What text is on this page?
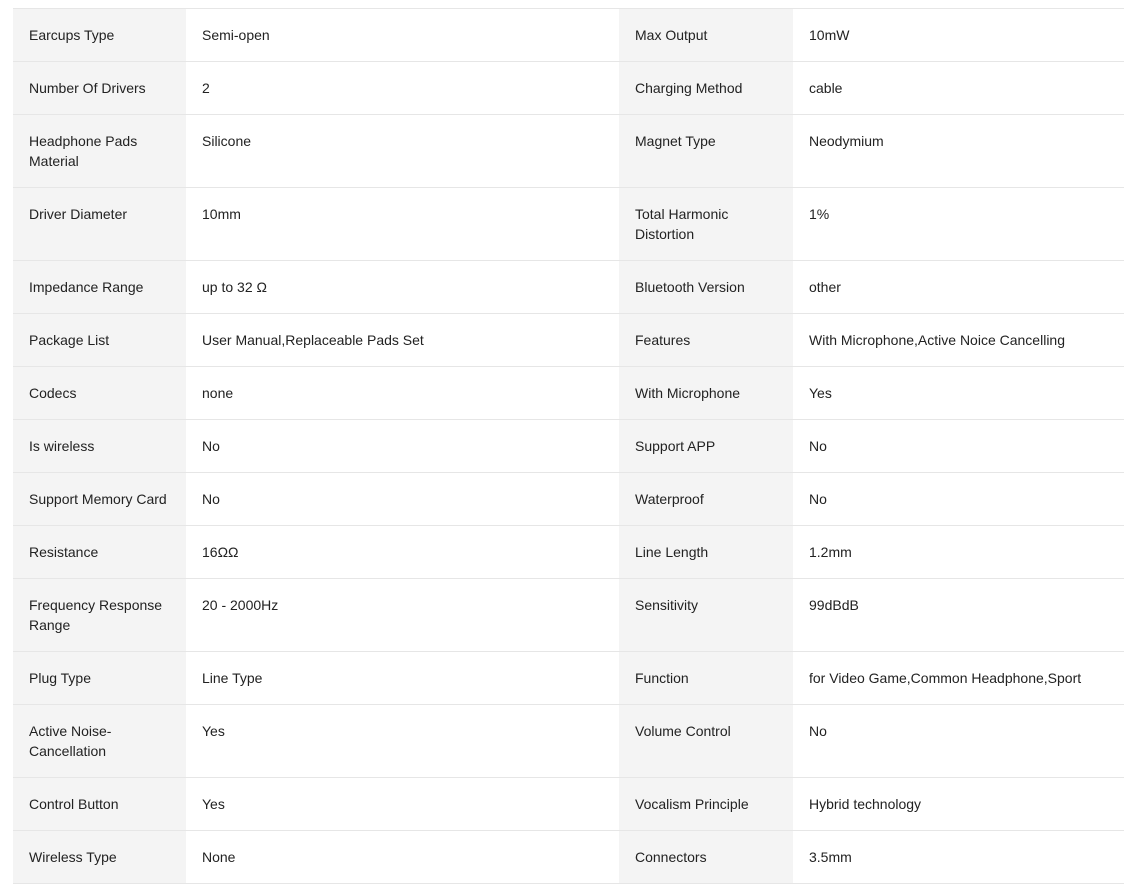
Earcups Type	Semi-open	Max Output	10mW
Number Of Drivers	2	Charging Method	cable
Headphone Pads Material	Silicone	Magnet Type	Neodymium
Driver Diameter	10mm	Total Harmonic Distortion	1%
Impedance Range	up to 32 Ω	Bluetooth Version	other
Package List	User Manual,Replaceable Pads Set	Features	With Microphone,Active Noice Cancelling
Codecs	none	With Microphone	Yes
Is wireless	No	Support APP	No
Support Memory Card	No	Waterproof	No
Resistance	16ΩΩ	Line Length	1.2mm
Frequency Response Range	20 - 2000Hz	Sensitivity	99dBdB
Plug Type	Line Type	Function	for Video Game,Common Headphone,Sport
Active Noise-Cancellation	Yes	Volume Control	No
Control Button	Yes	Vocalism Principle	Hybrid technology
Wireless Type	None	Connectors	3.5mm
